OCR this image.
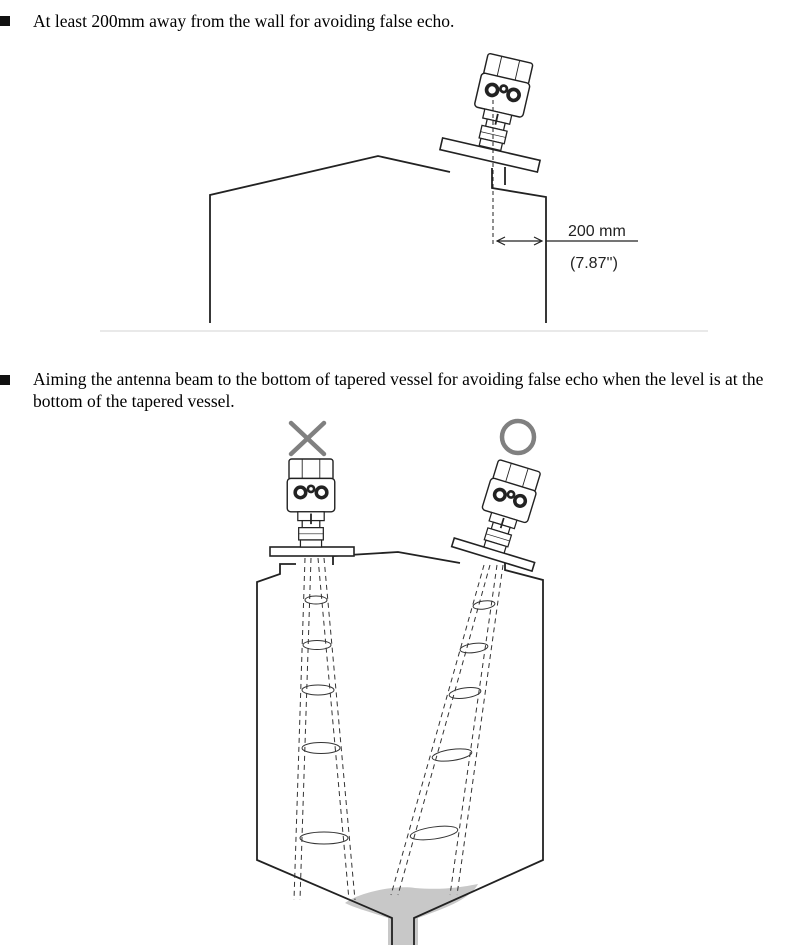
At least 200mm away from the wall for avoiding false echo.
Aiming the antenna beam to the bottom of tapered vessel for avoiding false echo when the level is at the bottom of the tapered vessel.
200 mm
(7.87'')
